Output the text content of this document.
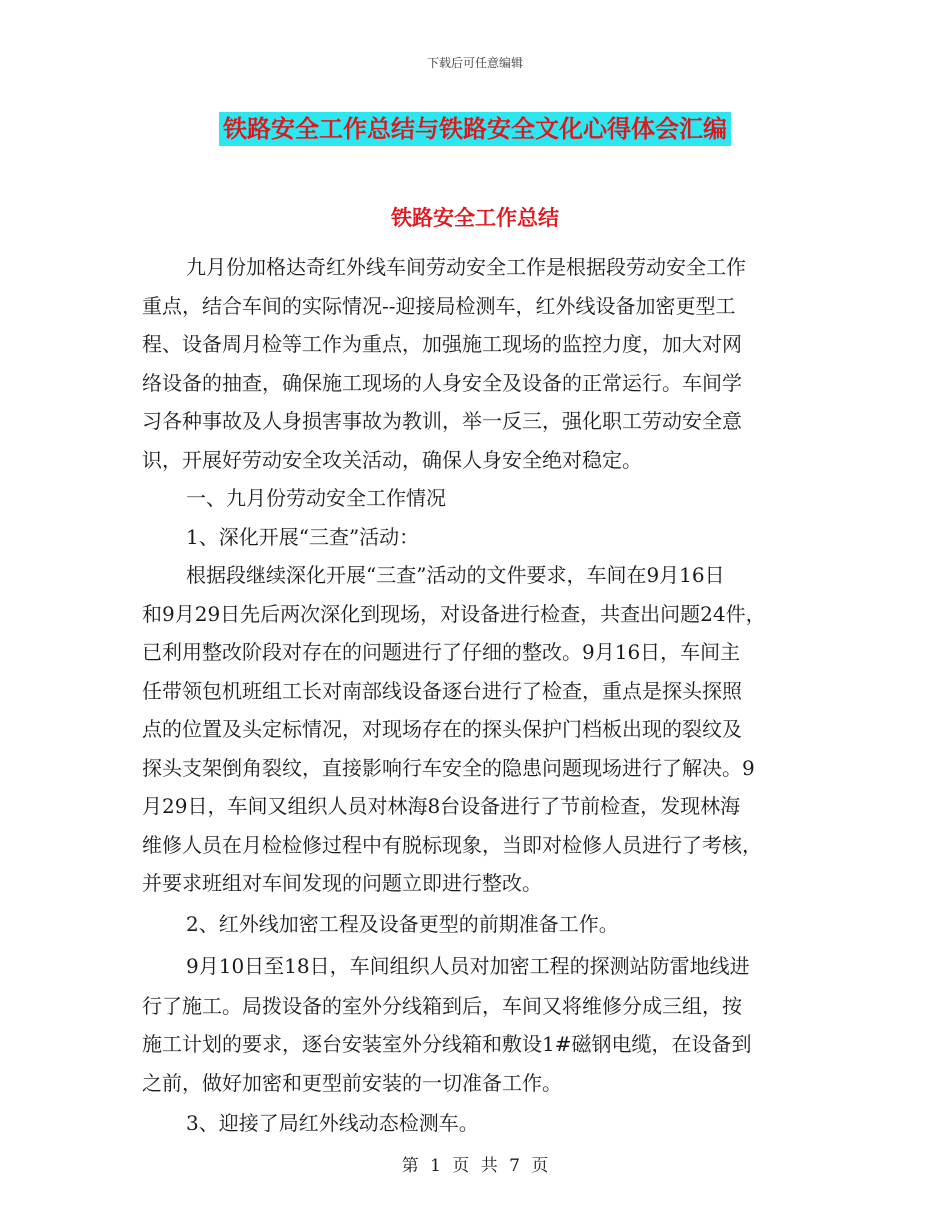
下载后可任意编辑
铁路安全工作总结与铁路安全文化心得体会汇编
铁路安全工作总结
九月份加格达奇红外线车间劳动安全工作是根据段劳动安全工作
重点，结合车间的实际情况--迎接局检测车，红外线设备加密更型工
程、设备周月检等工作为重点，加强施工现场的监控力度，加大对网
络设备的抽查，确保施工现场的人身安全及设备的正常运行。车间学
习各种事故及人身损害事故为教训，举一反三，强化职工劳动安全意
识，开展好劳动安全攻关活动，确保人身安全绝对稳定。
一、九月份劳动安全工作情况
1、深化开展“三查”活动：
根据段继续深化开展“三查”活动的文件要求，车间在9月16日
和9月29日先后两次深化到现场，对设备进行检查，共查出问题24件，
已利用整改阶段对存在的问题进行了仔细的整改。9月16日，车间主
任带领包机班组工长对南部线设备逐台进行了检查，重点是探头探照
点的位置及头定标情况，对现场存在的探头保护门档板出现的裂纹及
探头支架倒角裂纹，直接影响行车安全的隐患问题现场进行了解决。9
月29日，车间又组织人员对林海8台设备进行了节前检查，发现林海
维修人员在月检检修过程中有脱标现象，当即对检修人员进行了考核，
并要求班组对车间发现的问题立即进行整改。
2、红外线加密工程及设备更型的前期准备工作。
9月10日至18日，车间组织人员对加密工程的探测站防雷地线进
行了施工。局拨设备的室外分线箱到后，车间又将维修分成三组，按
施工计划的要求，逐台安装室外分线箱和敷设1#磁钢电缆，在设备到
之前，做好加密和更型前安装的一切准备工作。
3、迎接了局红外线动态检测车。
第 1 页 共 7 页
